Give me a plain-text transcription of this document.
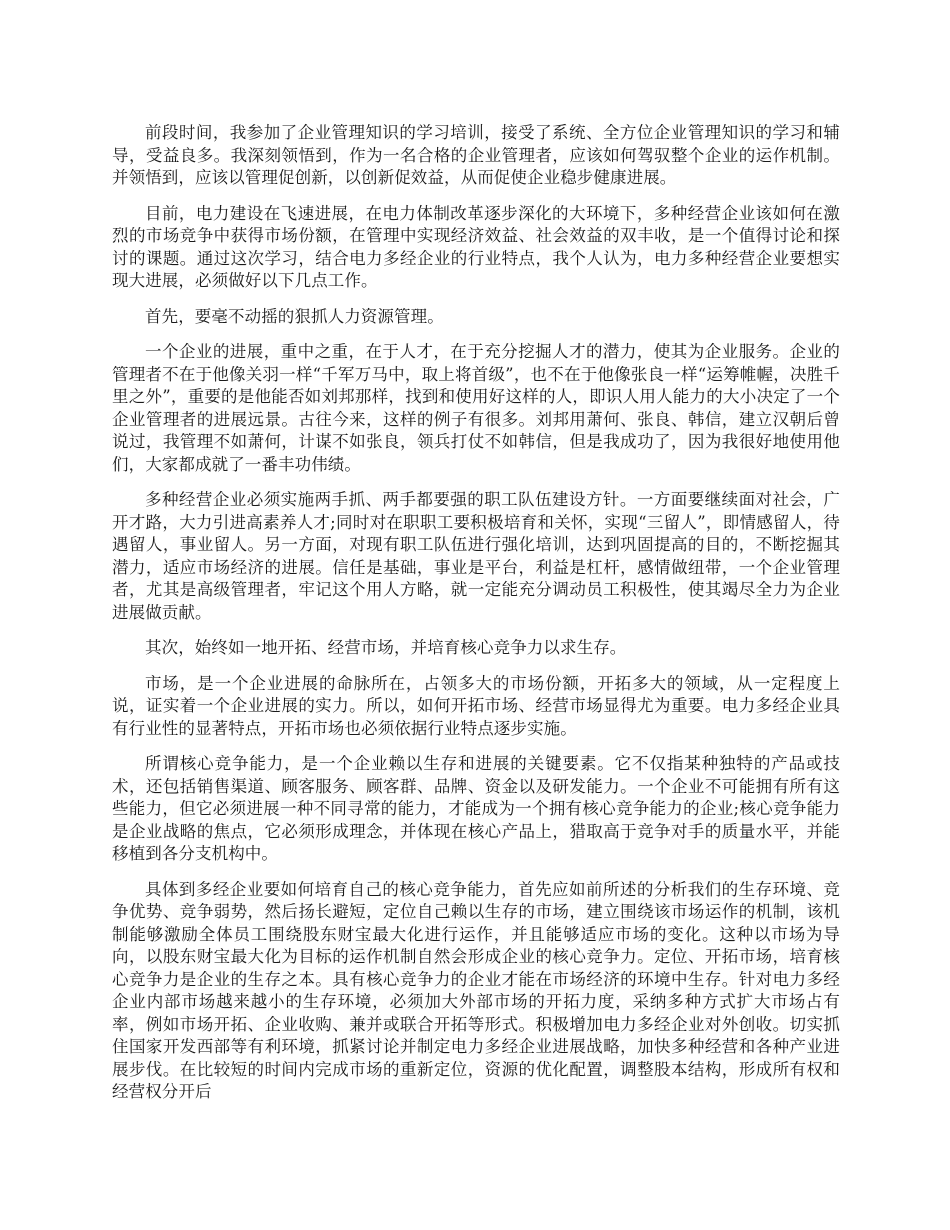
前段时间，我参加了企业管理知识的学习培训，接受了系统、全方位企业管理知识的学习和辅导，受益良多。我深刻领悟到，作为一名合格的企业管理者，应该如何驾驭整个企业的运作机制。并领悟到，应该以管理促创新，以创新促效益，从而促使企业稳步健康进展。

目前，电力建设在飞速进展，在电力体制改革逐步深化的大环境下，多种经营企业该如何在激烈的市场竞争中获得市场份额，在管理中实现经济效益、社会效益的双丰收，是一个值得讨论和探讨的课题。通过这次学习，结合电力多经企业的行业特点，我个人认为，电力多种经营企业要想实现大进展，必须做好以下几点工作。

首先，要毫不动摇的狠抓人力资源管理。

一个企业的进展，重中之重，在于人才，在于充分挖掘人才的潜力，使其为企业服务。企业的管理者不在于他像关羽一样“千军万马中，取上将首级”，也不在于他像张良一样“运筹帷幄，决胜千里之外”，重要的是他能否如刘邦那样，找到和使用好这样的人，即识人用人能力的大小决定了一个企业管理者的进展远景。古往今来，这样的例子有很多。刘邦用萧何、张良、韩信，建立汉朝后曾说过，我管理不如萧何，计谋不如张良，领兵打仗不如韩信，但是我成功了，因为我很好地使用他们，大家都成就了一番丰功伟绩。

多种经营企业必须实施两手抓、两手都要强的职工队伍建设方针。一方面要继续面对社会，广开才路，大力引进高素养人才;同时对在职职工要积极培育和关怀，实现“三留人”，即情感留人，待遇留人，事业留人。另一方面，对现有职工队伍进行强化培训，达到巩固提高的目的，不断挖掘其潜力，适应市场经济的进展。信任是基础，事业是平台，利益是杠杆，感情做纽带，一个企业管理者，尤其是高级管理者，牢记这个用人方略，就一定能充分调动员工积极性，使其竭尽全力为企业进展做贡献。

其次，始终如一地开拓、经营市场，并培育核心竞争力以求生存。

市场，是一个企业进展的命脉所在，占领多大的市场份额，开拓多大的领域，从一定程度上说，证实着一个企业进展的实力。所以，如何开拓市场、经营市场显得尤为重要。电力多经企业具有行业性的显著特点，开拓市场也必须依据行业特点逐步实施。

所谓核心竞争能力，是一个企业赖以生存和进展的关键要素。它不仅指某种独特的产品或技术，还包括销售渠道、顾客服务、顾客群、品牌、资金以及研发能力。一个企业不可能拥有所有这些能力，但它必须进展一种不同寻常的能力，才能成为一个拥有核心竞争能力的企业;核心竞争能力是企业战略的焦点，它必须形成理念，并体现在核心产品上，猎取高于竞争对手的质量水平，并能移植到各分支机构中。

具体到多经企业要如何培育自己的核心竞争能力，首先应如前所述的分析我们的生存环境、竞争优势、竞争弱势，然后扬长避短，定位自己赖以生存的市场，建立围绕该市场运作的机制，该机制能够激励全体员工围绕股东财宝最大化进行运作，并且能够适应市场的变化。这种以市场为导向，以股东财宝最大化为目标的运作机制自然会形成企业的核心竞争力。定位、开拓市场，培育核心竞争力是企业的生存之本。具有核心竞争力的企业才能在市场经济的环境中生存。针对电力多经企业内部市场越来越小的生存环境，必须加大外部市场的开拓力度，采纳多种方式扩大市场占有率，例如市场开拓、企业收购、兼并或联合开拓等形式。积极增加电力多经企业对外创收。切实抓住国家开发西部等有利环境，抓紧讨论并制定电力多经企业进展战略，加快多种经营和各种产业进展步伐。在比较短的时间内完成市场的重新定位，资源的优化配置，调整股本结构，形成所有权和经营权分开后
